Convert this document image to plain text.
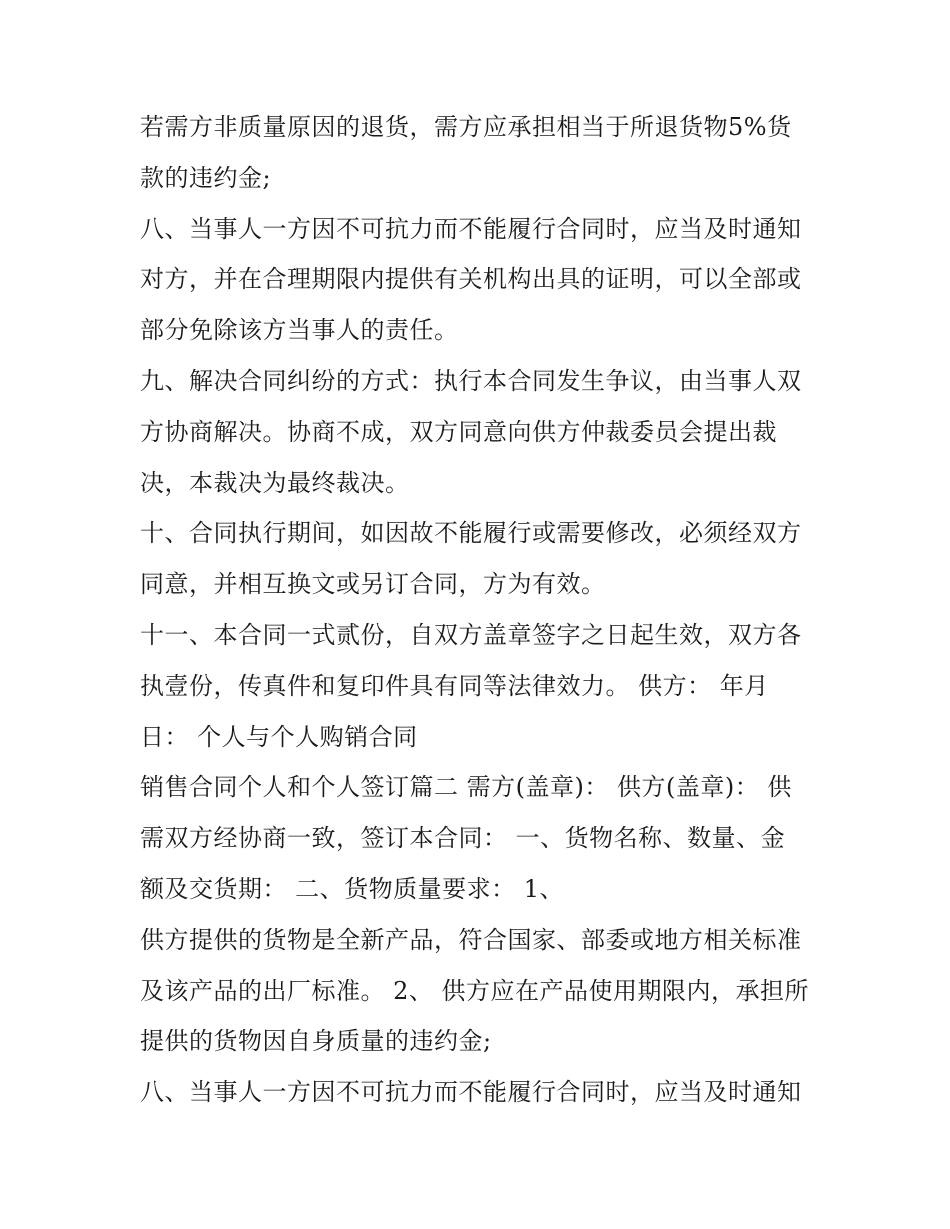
若需方非质量原因的退货，需方应承担相当于所退货物5%货
款的违约金;
八、当事人一方因不可抗力而不能履行合同时，应当及时通知
对方，并在合理期限内提供有关机构出具的证明，可以全部或
部分免除该方当事人的责任。
九、解决合同纠纷的方式：执行本合同发生争议，由当事人双
方协商解决。协商不成，双方同意向供方仲裁委员会提出裁
决，本裁决为最终裁决。
十、合同执行期间，如因故不能履行或需要修改，必须经双方
同意，并相互换文或另订合同，方为有效。
十一、本合同一式贰份，自双方盖章签字之日起生效，双方各
执壹份，传真件和复印件具有同等法律效力。 供方： 年月
日： 个人与个人购销合同
销售合同个人和个人签订篇二 需方(盖章)： 供方(盖章)： 供
需双方经协商一致，签订本合同： 一、货物名称、数量、金
额及交货期： 二、货物质量要求： 1、
供方提供的货物是全新产品，符合国家、部委或地方相关标准
及该产品的出厂标准。 2、 供方应在产品使用期限内，承担所
提供的货物因自身质量的违约金;
八、当事人一方因不可抗力而不能履行合同时，应当及时通知
